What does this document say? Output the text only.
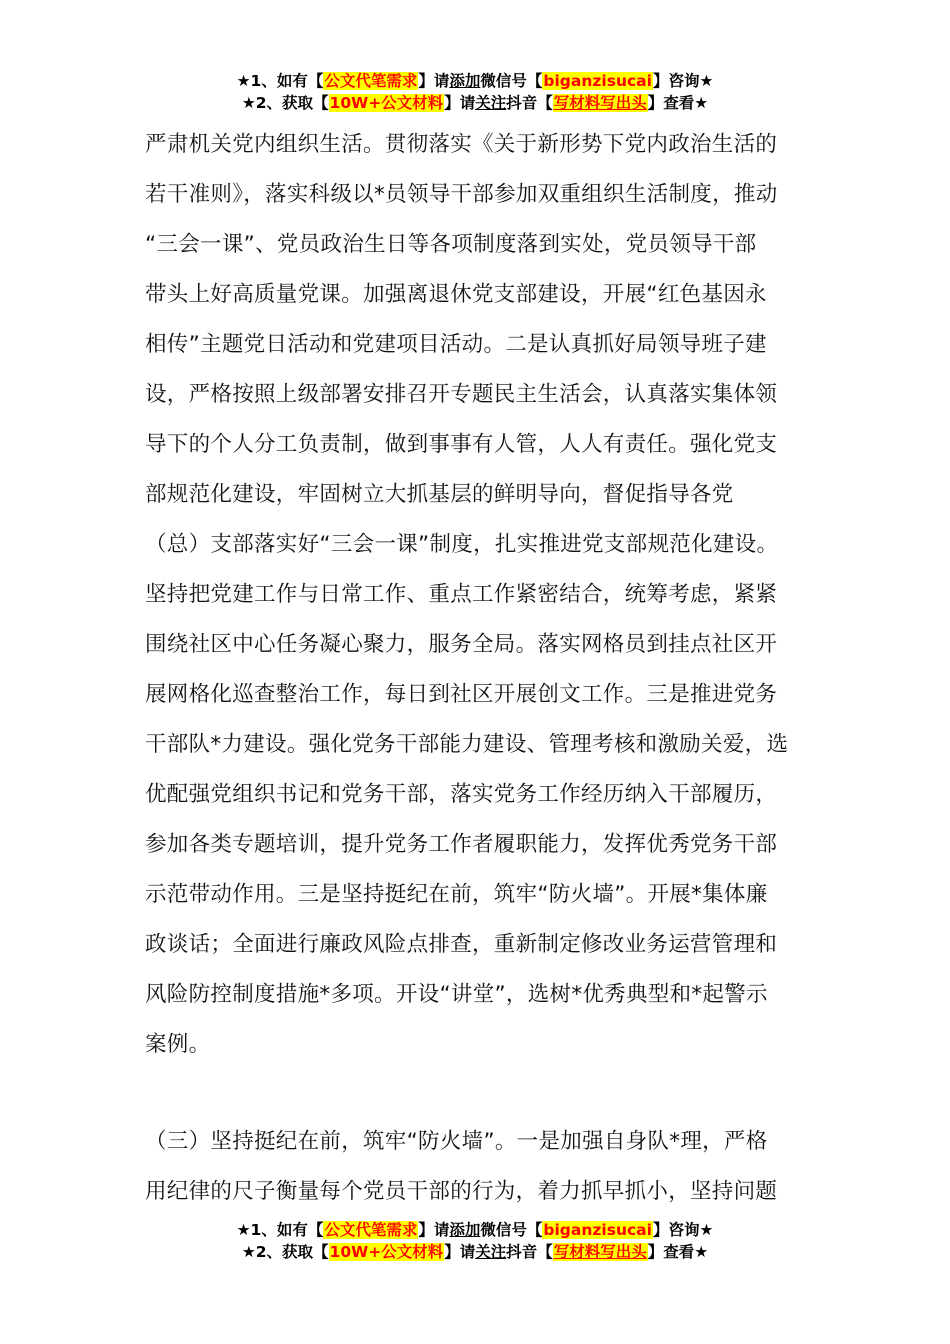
★1、如有【公文代笔需求】请添加微信号【biganzisucai】咨询★
★2、获取【10W+公文材料】请关注抖音【写材料写出头】查看★
严肃机关党内组织生活。贯彻落实《关于新形势下党内政治生活的
若干准则》，落实科级以*员领导干部参加双重组织生活制度，推动
“三会一课”、党员政治生日等各项制度落到实处，党员领导干部
带头上好高质量党课。加强离退休党支部建设，开展“红色基因永
相传”主题党日活动和党建项目活动。二是认真抓好局领导班子建
设，严格按照上级部署安排召开专题民主生活会，认真落实集体领
导下的个人分工负责制，做到事事有人管，人人有责任。强化党支
部规范化建设，牢固树立大抓基层的鲜明导向，督促指导各党
（总）支部落实好“三会一课”制度，扎实推进党支部规范化建设。
坚持把党建工作与日常工作、重点工作紧密结合，统筹考虑，紧紧
围绕社区中心任务凝心聚力，服务全局。落实网格员到挂点社区开
展网格化巡查整治工作，每日到社区开展创文工作。三是推进党务
干部队*力建设。强化党务干部能力建设、管理考核和激励关爱，选
优配强党组织书记和党务干部，落实党务工作经历纳入干部履历，
参加各类专题培训，提升党务工作者履职能力，发挥优秀党务干部
示范带动作用。三是坚持挺纪在前，筑牢“防火墙”。开展*集体廉
政谈话；全面进行廉政风险点排查，重新制定修改业务运营管理和
风险防控制度措施*多项。开设“讲堂”，选树*优秀典型和*起警示
案例。
（三）坚持挺纪在前，筑牢“防火墙”。一是加强自身队*理，严格
用纪律的尺子衡量每个党员干部的行为，着力抓早抓小，坚持问题
★1、如有【公文代笔需求】请添加微信号【biganzisucai】咨询★
★2、获取【10W+公文材料】请关注抖音【写材料写出头】查看★
